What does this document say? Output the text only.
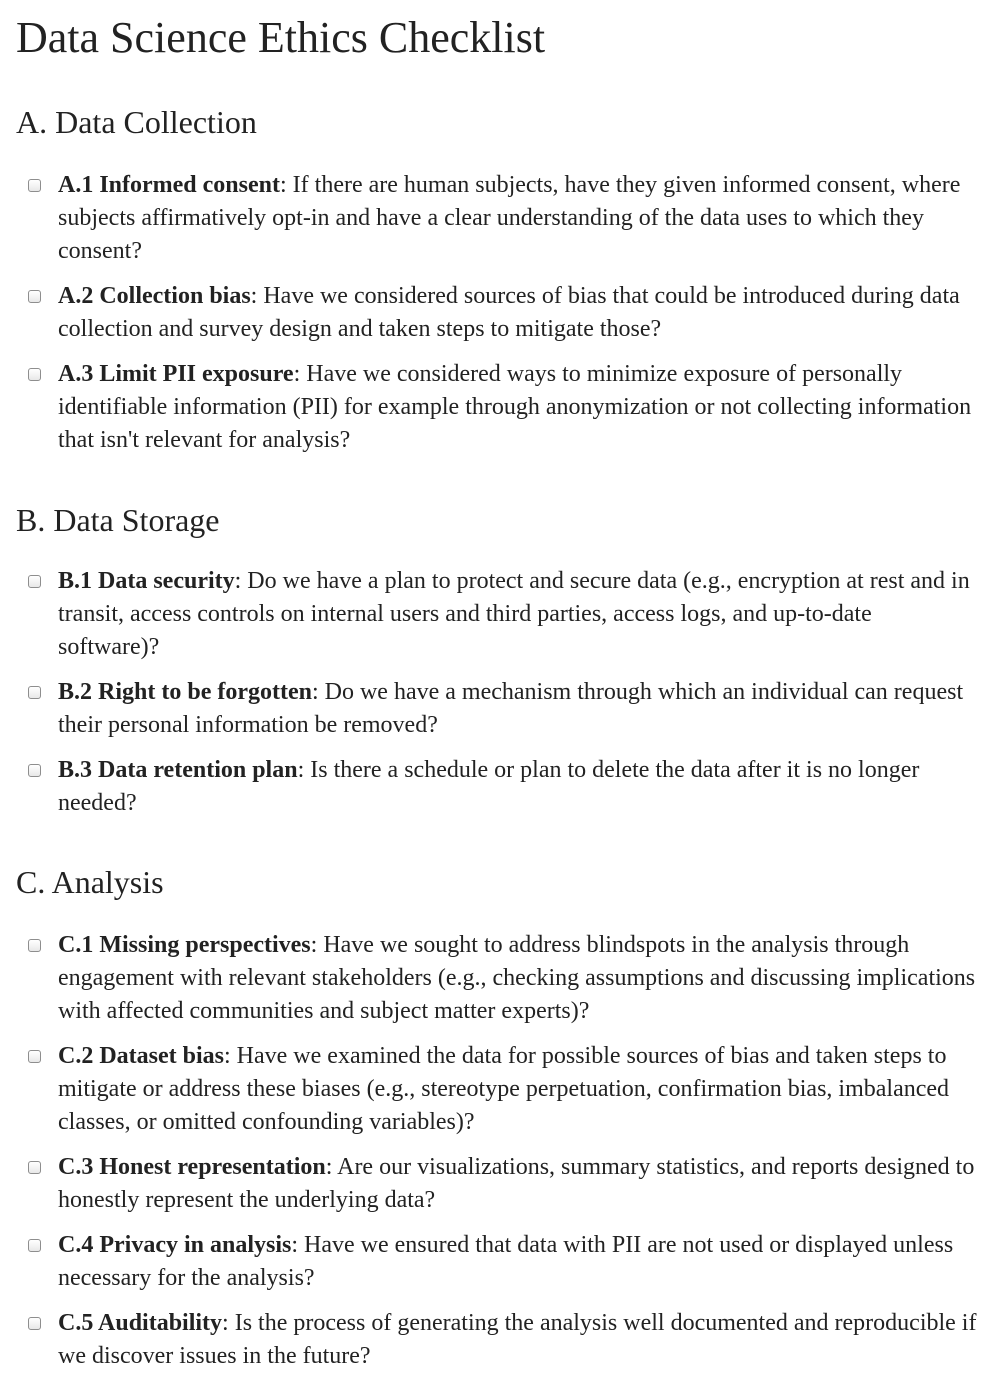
Data Science Ethics Checklist
A. Data Collection
A.1 Informed consent: If there are human subjects, have they given informed consent, where subjects affirmatively opt-in and have a clear understanding of the data uses to which they consent?
A.2 Collection bias: Have we considered sources of bias that could be introduced during data collection and survey design and taken steps to mitigate those?
A.3 Limit PII exposure: Have we considered ways to minimize exposure of personally identifiable information (PII) for example through anonymization or not collecting information that isn't relevant for analysis?
B. Data Storage
B.1 Data security: Do we have a plan to protect and secure data (e.g., encryption at rest and in transit, access controls on internal users and third parties, access logs, and up-to-date software)?
B.2 Right to be forgotten: Do we have a mechanism through which an individual can request their personal information be removed?
B.3 Data retention plan: Is there a schedule or plan to delete the data after it is no longer needed?
C. Analysis
C.1 Missing perspectives: Have we sought to address blindspots in the analysis through engagement with relevant stakeholders (e.g., checking assumptions and discussing implications with affected communities and subject matter experts)?
C.2 Dataset bias: Have we examined the data for possible sources of bias and taken steps to mitigate or address these biases (e.g., stereotype perpetuation, confirmation bias, imbalanced classes, or omitted confounding variables)?
C.3 Honest representation: Are our visualizations, summary statistics, and reports designed to honestly represent the underlying data?
C.4 Privacy in analysis: Have we ensured that data with PII are not used or displayed unless necessary for the analysis?
C.5 Auditability: Is the process of generating the analysis well documented and reproducible if we discover issues in the future?
